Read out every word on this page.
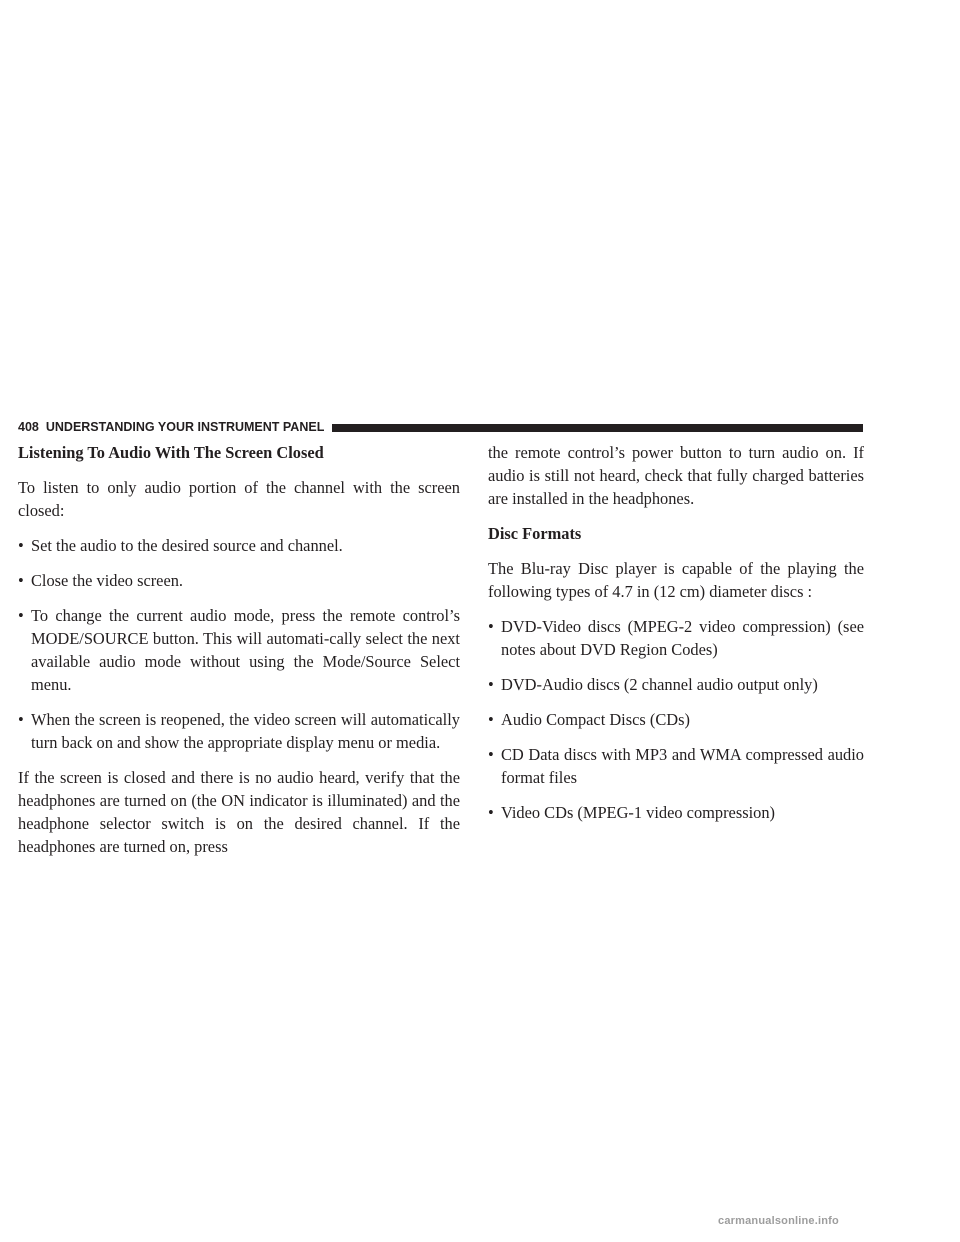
408 UNDERSTANDING YOUR INSTRUMENT PANEL
Listening To Audio With The Screen Closed

To listen to only audio portion of the channel with the screen closed:

• Set the audio to the desired source and channel.
• Close the video screen.
• To change the current audio mode, press the remote control’s MODE/SOURCE button. This will automati-cally select the next available audio mode without using the Mode/Source Select menu.
• When the screen is reopened, the video screen will automatically turn back on and show the appropriate display menu or media.

If the screen is closed and there is no audio heard, verify that the headphones are turned on (the ON indicator is illuminated) and the headphone selector switch is on the desired channel. If the headphones are turned on, press

the remote control’s power button to turn audio on. If audio is still not heard, check that fully charged batteries are installed in the headphones.

Disc Formats

The Blu-ray Disc player is capable of the playing the following types of 4.7 in (12 cm) diameter discs :

• DVD-Video discs (MPEG-2 video compression) (see notes about DVD Region Codes)
• DVD-Audio discs (2 channel audio output only)
• Audio Compact Discs (CDs)
• CD Data discs with MP3 and WMA compressed audio format files
• Video CDs (MPEG-1 video compression)
carmanualsonline.info
